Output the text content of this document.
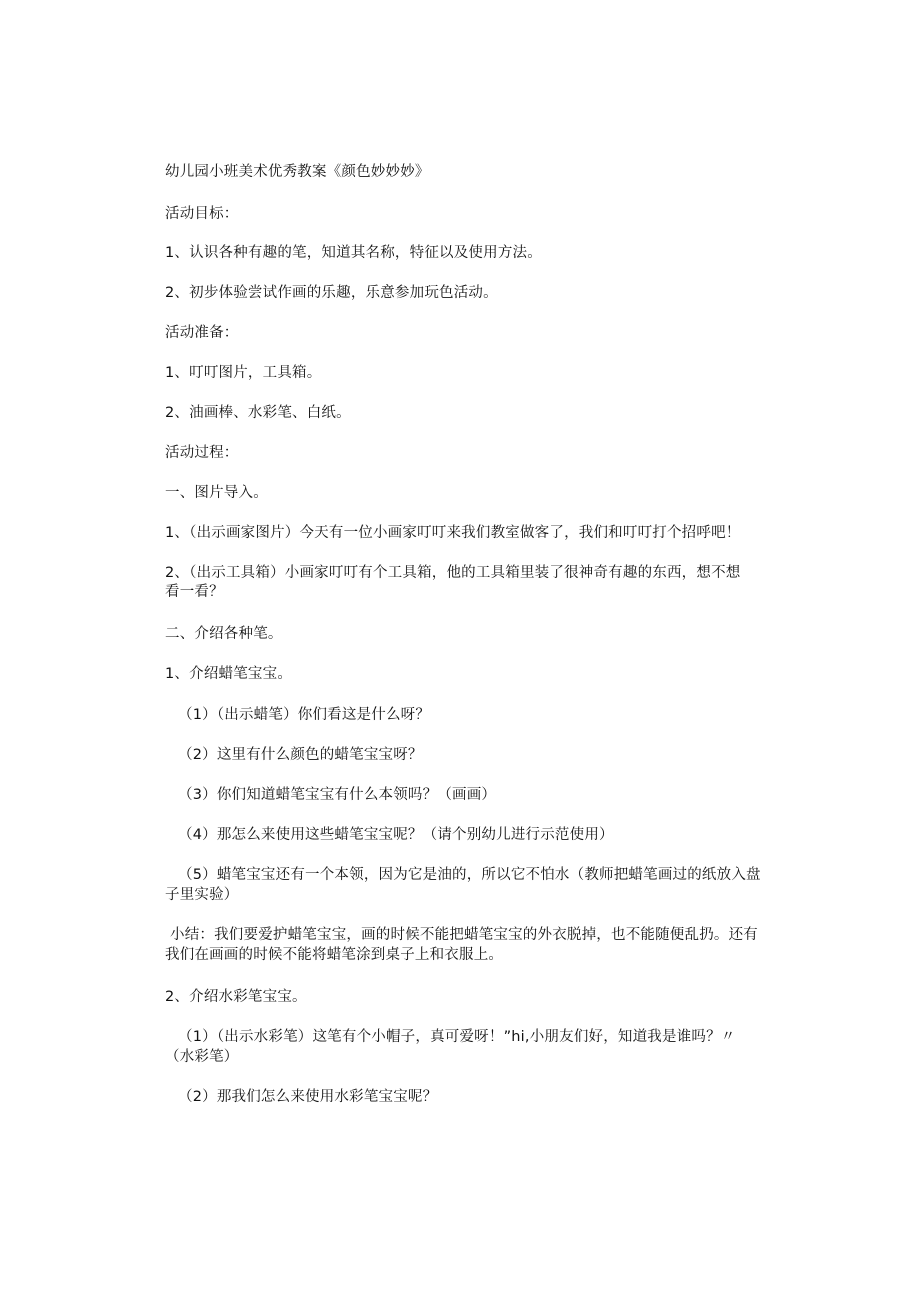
幼儿园小班美术优秀教案《颜色妙妙妙》

活动目标：

1、认识各种有趣的笔，知道其名称，特征以及使用方法。

2、初步体验尝试作画的乐趣，乐意参加玩色活动。

活动准备：

1、叮叮图片，工具箱。

2、油画棒、水彩笔、白纸。

活动过程：

一、图片导入。

1、（出示画家图片）今天有一位小画家叮叮来我们教室做客了，我们和叮叮打个招呼吧！

2、（出示工具箱）小画家叮叮有个工具箱，他的工具箱里装了很神奇有趣的东西，想不想

看一看？

二、介绍各种笔。

1、介绍蜡笔宝宝。

（1）（出示蜡笔）你们看这是什么呀？

（2）这里有什么颜色的蜡笔宝宝呀？

（3）你们知道蜡笔宝宝有什么本领吗？（画画）

（4）那怎么来使用这些蜡笔宝宝呢？（请个别幼儿进行示范使用）

（5）蜡笔宝宝还有一个本领，因为它是油的，所以它不怕水（教师把蜡笔画过的纸放入盘

子里实验）

小结：我们要爱护蜡笔宝宝，画的时候不能把蜡笔宝宝的外衣脱掉，也不能随便乱扔。还有

我们在画画的时候不能将蜡笔涂到桌子上和衣服上。

2、介绍水彩笔宝宝。

（1）（出示水彩笔）这笔有个小帽子，真可爱呀！”hi,小朋友们好，知道我是谁吗？〃

（水彩笔）

（2）那我们怎么来使用水彩笔宝宝呢？
